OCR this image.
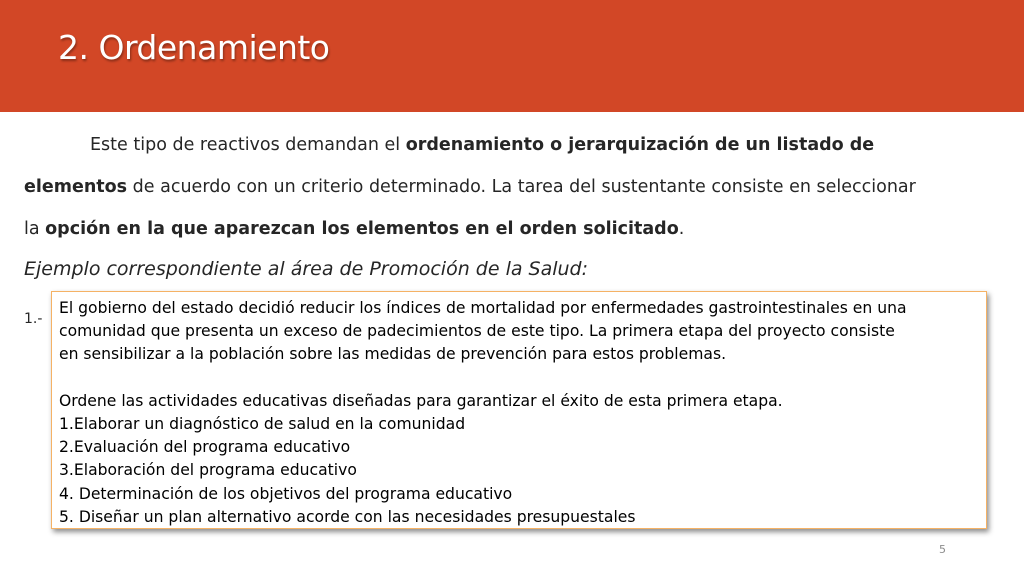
2. Ordenamiento

Este tipo de reactivos demandan el ordenamiento o jerarquización de un listado de

elementos de acuerdo con un criterio determinado. La tarea del sustentante consiste en seleccionar

la opción en la que aparezcan los elementos en el orden solicitado.

Ejemplo correspondiente al área de Promoción de la Salud:
1.-

El gobierno del estado decidió reducir los índices de mortalidad por enfermedades gastrointestinales en una

comunidad que presenta un exceso de padecimientos de este tipo. La primera etapa del proyecto consiste

en sensibilizar a la población sobre las medidas de prevención para estos problemas.

Ordene las actividades educativas diseñadas para garantizar el éxito de esta primera etapa.

1.Elaborar un diagnóstico de salud en la comunidad

2.Evaluación del programa educativo

3.Elaboración del programa educativo

4. Determinación de los objetivos del programa educativo

5. Diseñar un plan alternativo acorde con las necesidades presupuestales

5
